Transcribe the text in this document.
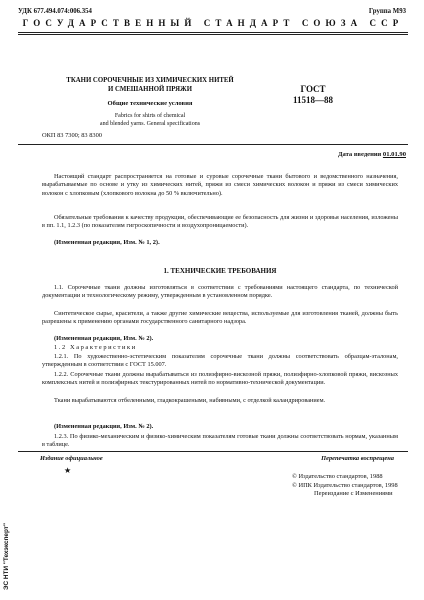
УДК 677.494.074:006.354	Группа М93
ГОСУДАРСТВЕННЫЙ СТАНДАРТ СОЮЗА ССР
ТКАНИ СОРОЧЕЧНЫЕ ИЗ ХИМИЧЕСКИХ НИТЕЙ
И СМЕШАННОЙ ПРЯЖИ
Общие технические условия
Fabrics for shirts of chemical
and blended yarns. General specifications
ГОСТ
11518—88
ОКП 83 7300; 83 8300
Дата введения 01.01.90
Настоящий стандарт распространяется на готовые и суровые сорочечные ткани бытового и ведомственного назначения, вырабатываемые по основе и утку из химических нитей, пряжи из смеси химических волокон и пряжи из смеси химических волокон с хлопковым (хлопкового волокна до 50 % включительно).
Обязательные требования к качеству продукции, обеспечивающие ее безопасность для жизни и здоровья населения, изложены в пп. 1.1, 1.2.3 (по показателям гигроскопичности и воздухопроницаемости).
(Измененная редакция, Изм. № 1, 2).
1. ТЕХНИЧЕСКИЕ ТРЕБОВАНИЯ
1.1. Сорочечные ткани должны изготовляться в соответствии с требованиями настоящего стандарта, по технической документации и технологическому режиму, утвержденным в установленном порядке.
Синтетическое сырье, красители, а также другие химические вещества, используемые для изготовления тканей, должны быть разрешены к применению органами государственного санитарного надзора.
(Измененная редакция, Изм. № 2).
1.2 Характеристики
1.2.1. По художественно-эстетическим показателям сорочечные ткани должны соответствовать образцам-эталонам, утвержденным в соответствии с ГОСТ 15.007.
1.2.2. Сорочечные ткани должны вырабатываться из полиэфирно-вискозной пряжи, полиэфирно-хлопковой пряжи, вискозных комплексных нитей и полиэфирных текстурированных нитей по нормативно-технической документации.
Ткани вырабатываются отбеленными, гладкокрашеными, набивными, с отделкой каландрированием.
(Измененная редакция, Изм. № 2).
1.2.3. По физико-механическим и физико-химическим показателям готовые ткани должны соответствовать нормам, указанным в таблице.
Издание официальное
★
Перепечатка воспрещена
© Издательство стандартов, 1988
© ИПК Издательство стандартов, 1998
Переиздание с Изменениями
ЭС НТИ "Техэксперт"
